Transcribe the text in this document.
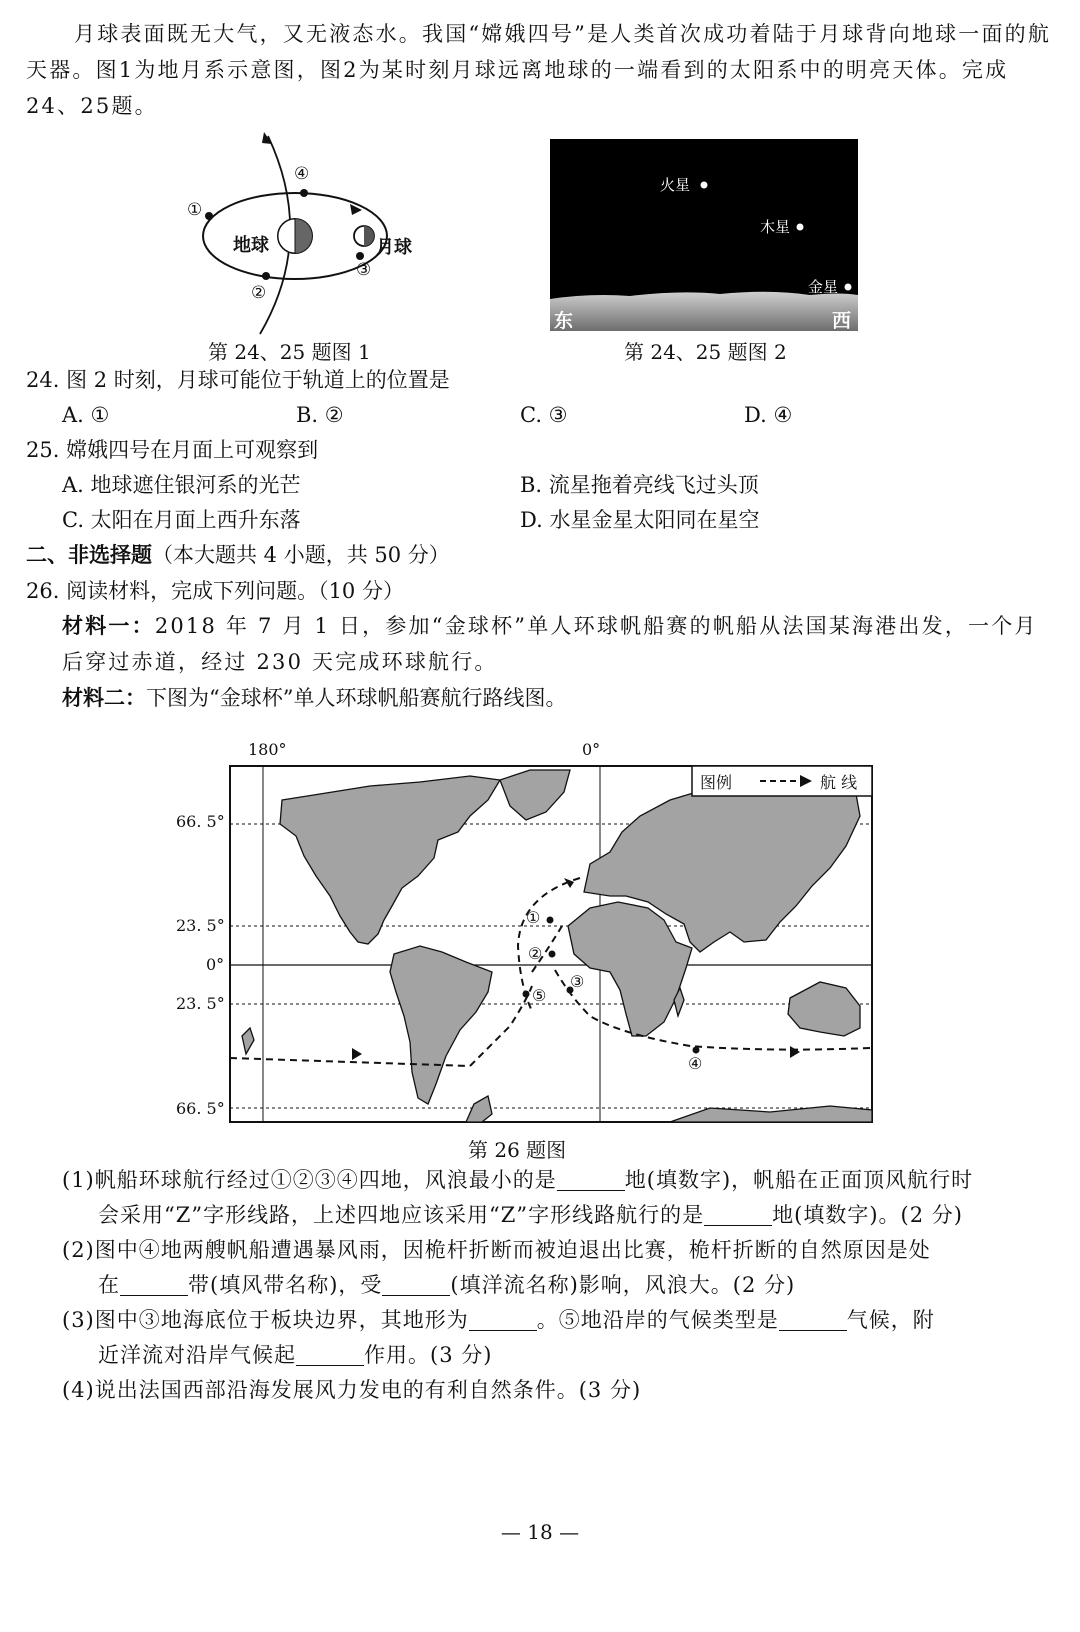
月球表面既无大气，又无液态水。我国“嫦娥四号”是人类首次成功着陆于月球背向地球一面的航天器。图1为地月系示意图，图2为某时刻月球远离地球的一端看到的太阳系中的明亮天体。完成24、25题。
①
②
③
④
地球	月球
第 24、25 题图 1
火星
木星
金星
东	西
第 24、25 题图 2
24. 图 2 时刻，月球可能位于轨道上的位置是
A. ①	B. ②	C. ③	D. ④
25. 嫦娥四号在月面上可观察到
A. 地球遮住银河系的光芒	B. 流星拖着亮线飞过头顶
C. 太阳在月面上西升东落	D. 水星金星太阳同在星空
二、非选择题（本大题共 4 小题，共 50 分）
26. 阅读材料，完成下列问题。（10 分）
材料一：2018 年 7 月 1 日，参加“金球杯”单人环球帆船赛的帆船从法国某海港出发，一个月后穿过赤道，经过 230 天完成环球航行。
材料二：下图为“金球杯”单人环球帆船赛航行路线图。
180°	0°
66. 5°
23. 5°
0°
23. 5°
66. 5°
图例	航 线
①
②
③
④
⑤
第 26 题图
(1)帆船环球航行经过①②③④四地，风浪最小的是	地(填数字)，帆船在正面顶风航行时
会采用“Z”字形线路，上述四地应该采用“Z”字形线路航行的是	地(填数字)。(2 分)
(2)图中④地两艘帆船遭遇暴风雨，因桅杆折断而被迫退出比赛，桅杆折断的自然原因是处
在	带(填风带名称)，受	(填洋流名称)影响，风浪大。(2 分)
(3)图中③地海底位于板块边界，其地形为	。⑤地沿岸的气候类型是	气候，附
近洋流对沿岸气候起	作用。(3 分)
(4)说出法国西部沿海发展风力发电的有利自然条件。(3 分)
— 18 —
